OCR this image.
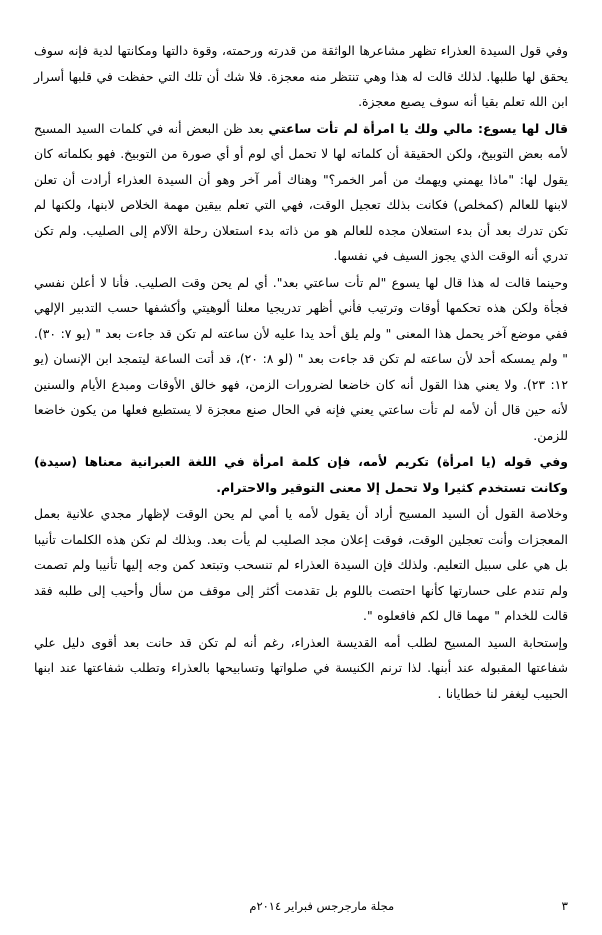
وفي قول السيدة العذراء تظهر مشاعرها الواثقة من قدرته ورحمته، وقوة دالتها ومكانتها لدية فإنه سوف يحقق لها طلبها. لذلك قالت له هذا وهي تنتظر منه معجزة. فلا شك أن تلك التي حفظت في قلبها أسرار ابن الله تعلم بقيا أنه سوف يصبع معجزة.

قال لها يسوع: مالي ولك يا امرأة لم تأت ساعتي بعد ظن البعض أنه في كلمات السيد المسيح لأمه بعض التوبيخ، ولكن الحقيقة أن كلماته لها لا تحمل أي لوم أو أي صورة من التوبيخ. فهو بكلماته كان يقول لها: "ماذا يهمني ويهمك من أمر الخمر؟" وهناك أمر آخر وهو أن السيدة العذراء أرادت أن تعلن لابنها للعالم (كمخلص) فكانت بذلك تعجيل الوقت، فهي التي تعلم بيقين مهمة الخلاص لابنها، ولكنها لم تكن تدرك بعد أن بدء استعلان مجده للعالم هو من ذاته بدء استعلان رحلة الآلام إلى الصليب. ولم تكن تدري أنه الوقت الذي يجوز السيف في نفسها.

وحينما قالت له هذا قال لها يسوع "لم تأت ساعتي بعد". أي لم يحن وقت الصليب. فأنا لا أعلن نفسي فجأة ولكن هذه تحكمها أوقات وترتيب فأني أظهر تدريجيا معلنا ألوهيتي وأكشفها حسب التدبير الإلهي ففي موضع آخر يحمل هذا المعنى " ولم يلق أحد يدا عليه لأن ساعته لم تكن قد جاءت بعد " (يو ٧: ٣٠). " ولم يمسكه أحد لأن ساعته لم تكن قد جاءت بعد " (لو ٨: ٢٠)، قد أتت الساعة ليتمجد ابن الإنسان (يو ١٢: ٢٣). ولا يعني هذا القول أنه كان خاضعا لضرورات الزمن، فهو خالق الأوقات ومبدع الأيام والسنين لأنه حين قال أن لأمه لم تأت ساعتي يعني فإنه في الحال صنع معجزة لا يستطيع فعلها من يكون خاضعا للزمن.

وفي قوله (يا امرأة) تكريم لأمه، فإن كلمة امرأة في اللغة العبرانية معناها (سيدة) وكانت تستخدم كثيرا ولا تحمل إلا معنى التوقير والاحترام.

وخلاصة القول أن السيد المسيح أراد أن يقول لأمه يا أمي لم يحن الوقت لإظهار مجدي علانية بعمل المعجزات وأنت تعجلين الوقت، فوقت إعلان مجد الصليب لم يأت بعد. وبذلك لم تكن هذه الكلمات تأنيبا بل هي على سبيل التعليم. ولذلك فإن السيدة العذراء لم تنسحب وتبتعد كمن وجه إليها تأنيبا ولم تصمت ولم تندم على حسارتها كأنها احتصت باللوم بل تقدمت أكثر إلى موقف من سأل وأحيب إلى طلبه فقد قالت للخدام " مهما قال لكم فافعلوه ".

وإستحابة السيد المسيح لطلب أمه القديسة العذراء، رغم أنه لم تكن قد حانت بعد أقوى دليل علي شفاعتها المقبوله عند أبنها. لذا ترنم الكنيسة في صلواتها وتسابيحها بالعذراء وتطلب شفاعتها عند ابنها الحبيب ليغفر لنا خطايانا .

٣
مجلة مارجرجس فبراير ٢٠١٤م
